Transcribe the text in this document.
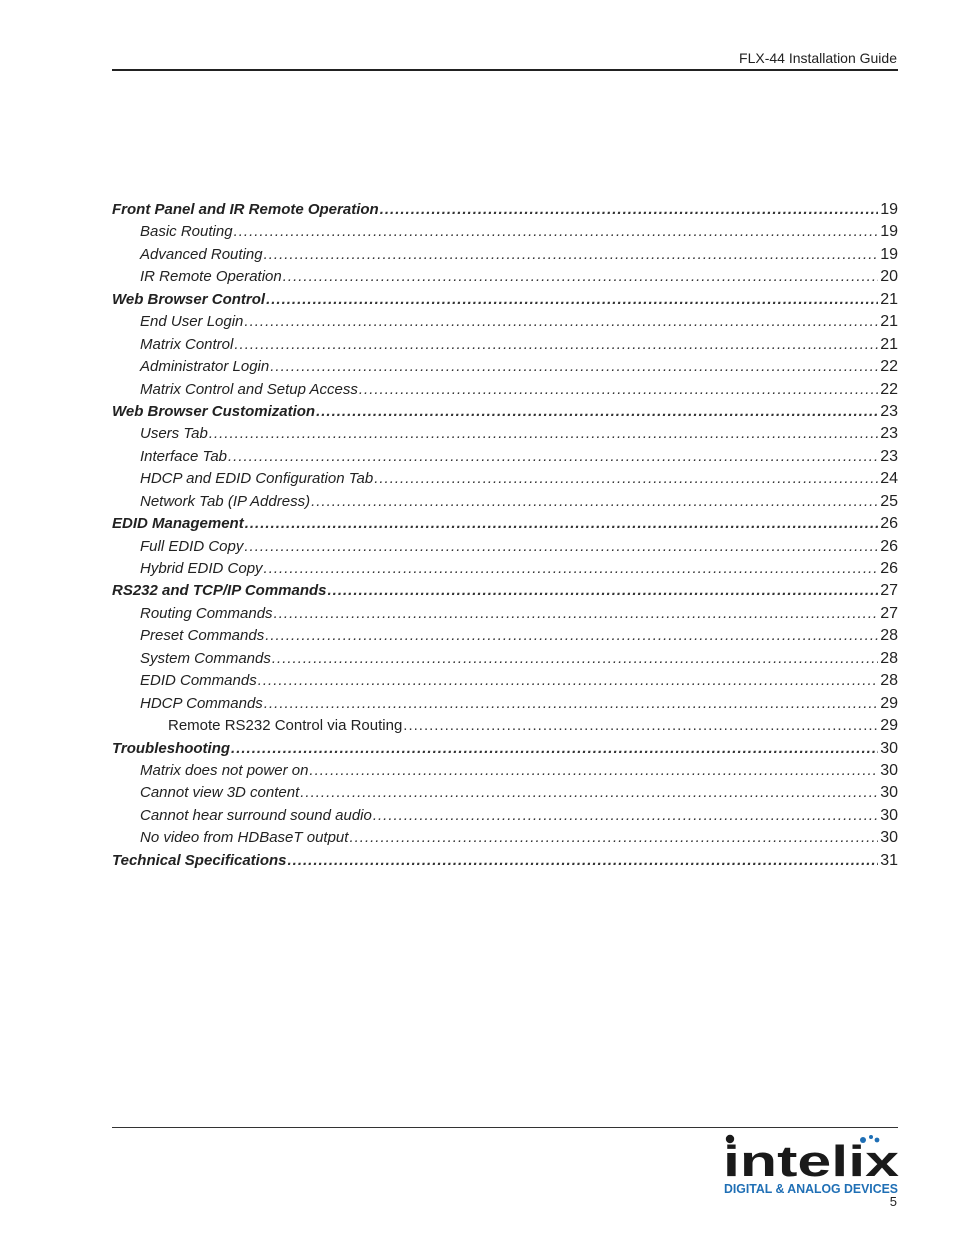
FLX-44 Installation Guide
Front Panel and IR Remote Operation .....	19
Basic Routing .....	19
Advanced Routing .....	19
IR Remote Operation .....	20
Web Browser Control .....	21
End User Login .....	21
Matrix Control .....	21
Administrator Login .....	22
Matrix Control and Setup Access .....	22
Web Browser Customization .....	23
Users Tab .....	23
Interface Tab .....	23
HDCP and EDID Configuration Tab .....	24
Network Tab (IP Address) .....	25
EDID Management .....	26
Full EDID Copy .....	26
Hybrid EDID Copy .....	26
RS232 and TCP/IP Commands .....	27
Routing Commands .....	27
Preset Commands .....	28
System Commands .....	28
EDID Commands .....	28
HDCP Commands .....	29
Remote RS232 Control via Routing .....	29
Troubleshooting .....	30
Matrix does not power on .....	30
Cannot view 3D content .....	30
Cannot hear surround sound audio .....	30
No video from HDBaseT output .....	30
Technical Specifications .....	31
intelix
DIGITAL & ANALOG DEVICES
5
